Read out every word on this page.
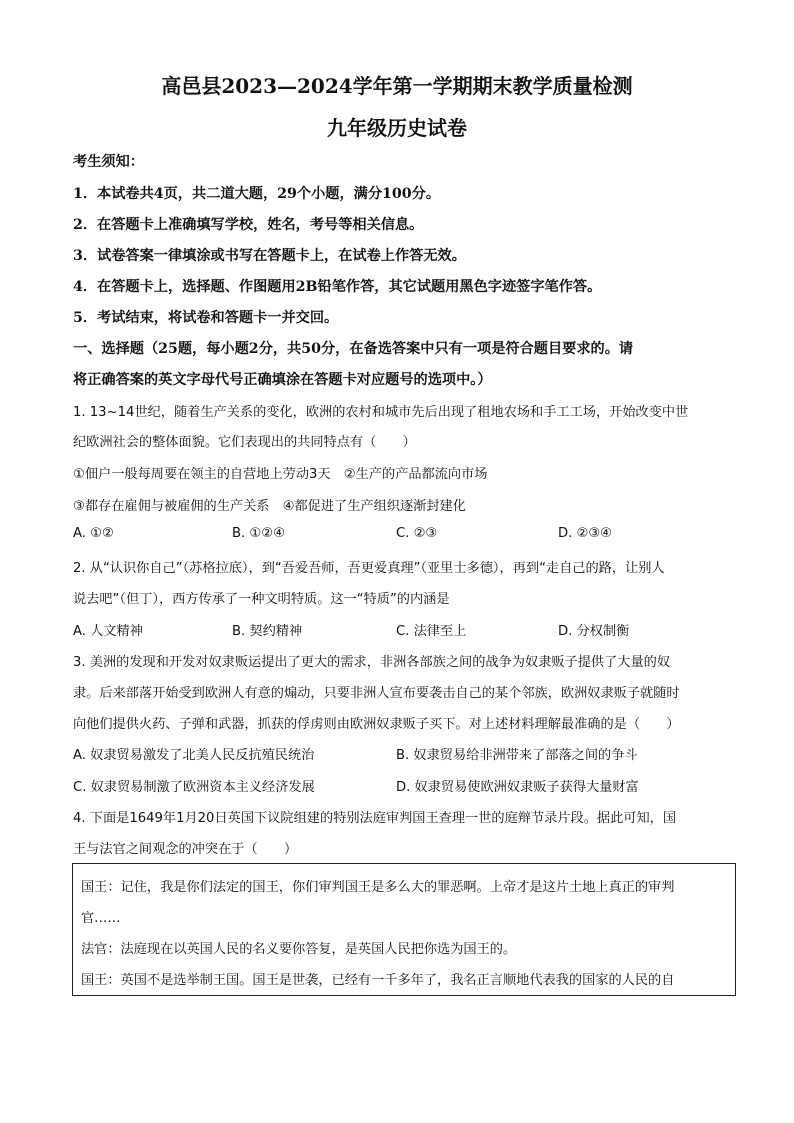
高邑县2023—2024学年第一学期期末教学质量检测
九年级历史试卷
考生须知：
1．本试卷共4页，共二道大题，29个小题，满分100分。
2．在答题卡上准确填写学校，姓名，考号等相关信息。
3．试卷答案一律填涂或书写在答题卡上，在试卷上作答无效。
4．在答题卡上，选择题、作图题用2B铅笔作答，其它试题用黑色字迹签字笔作答。
5．考试结束，将试卷和答题卡一并交回。
一、选择题（25题，每小题2分，共50分，在备选答案中只有一项是符合题目要求的。请
将正确答案的英文字母代号正确填涂在答题卡对应题号的选项中。）
1. 13~14世纪，随着生产关系的变化，欧洲的农村和城市先后出现了租地农场和手工工场，开始改变中世
纪欧洲社会的整体面貌。它们表现出的共同特点有（　　）
①佃户一般每周要在领主的自营地上劳动3天　②生产的产品都流向市场
③都存在雇佣与被雇佣的生产关系　④都促进了生产组织逐渐封建化
A. ①②	B. ①②④	C. ②③	D. ②③④
2. 从“认识你自己”（苏格拉底），到“吾爱吾师，吾更爱真理”（亚里士多德），再到“走自己的路，让别人
说去吧”（但丁），西方传承了一种文明特质。这一“特质”的内涵是
A. 人文精神	B. 契约精神	C. 法律至上	D. 分权制衡
3. 美洲的发现和开发对奴隶贩运提出了更大的需求，非洲各部族之间的战争为奴隶贩子提供了大量的奴
隶。后来部落开始受到欧洲人有意的煽动，只要非洲人宣布要袭击自己的某个邻族，欧洲奴隶贩子就随时
向他们提供火药、子弹和武器，抓获的俘虏则由欧洲奴隶贩子买下。对上述材料理解最准确的是（　　）
A. 奴隶贸易激发了北美人民反抗殖民统治	B. 奴隶贸易给非洲带来了部落之间的争斗
C. 奴隶贸易制激了欧洲资本主义经济发展	D. 奴隶贸易使欧洲奴隶贩子获得大量财富
4. 下面是1649年1月20日英国下议院组建的特别法庭审判国王查理一世的庭辩节录片段。据此可知，国
王与法官之间观念的冲突在于（　　）
国王：记住，我是你们法定的国王，你们审判国王是多么大的罪恶啊。上帝才是这片土地上真正的审判
官……
法官：法庭现在以英国人民的名义要你答复，是英国人民把你选为国王的。
国王：英国不是选举制王国。国王是世袭，已经有一千多年了，我名正言顺地代表我的国家的人民的自
